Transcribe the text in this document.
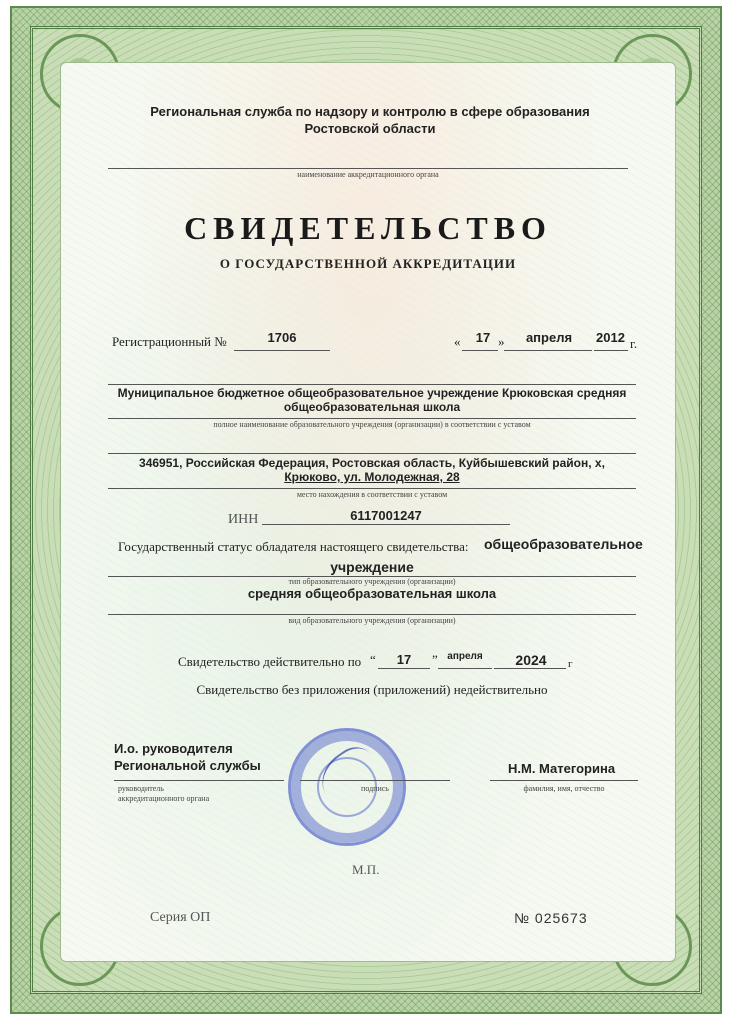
Региональная служба по надзору и контролю в сфере образования
Ростовской области
наименование аккредитационного органа
СВИДЕТЕЛЬСТВО
О ГОСУДАРСТВЕННОЙ АККРЕДИТАЦИИ
Регистрационный №	1706	«	17 »	апреля	2012 г.
Муниципальное бюджетное общеобразовательное учреждение Крюковская средняя
общеобразовательная школа
полное наименование образовательного учреждения (организации) в соответствии с уставом
346951, Российская Федерация, Ростовская область, Куйбышевский район, х,
Крюково, ул. Молодежная, 28
место нахождения в соответствии с уставом
ИНН	6117001247
Государственный статус обладателя настоящего свидетельства: общеобразовательное
учреждение
тип образовательного учреждения (организации)
средняя общеобразовательная школа
вид образовательного учреждения (организации)
Свидетельство действительно по “	17	” апреля	2024	г
Свидетельство без приложения (приложений) недействительно
И.о. руководителя
Региональной службы
руководитель
аккредитационного органа
подпись
Н.М. Матегорина
фамилия, имя, отчество
М.П.
Серия ОП	№ 025673
